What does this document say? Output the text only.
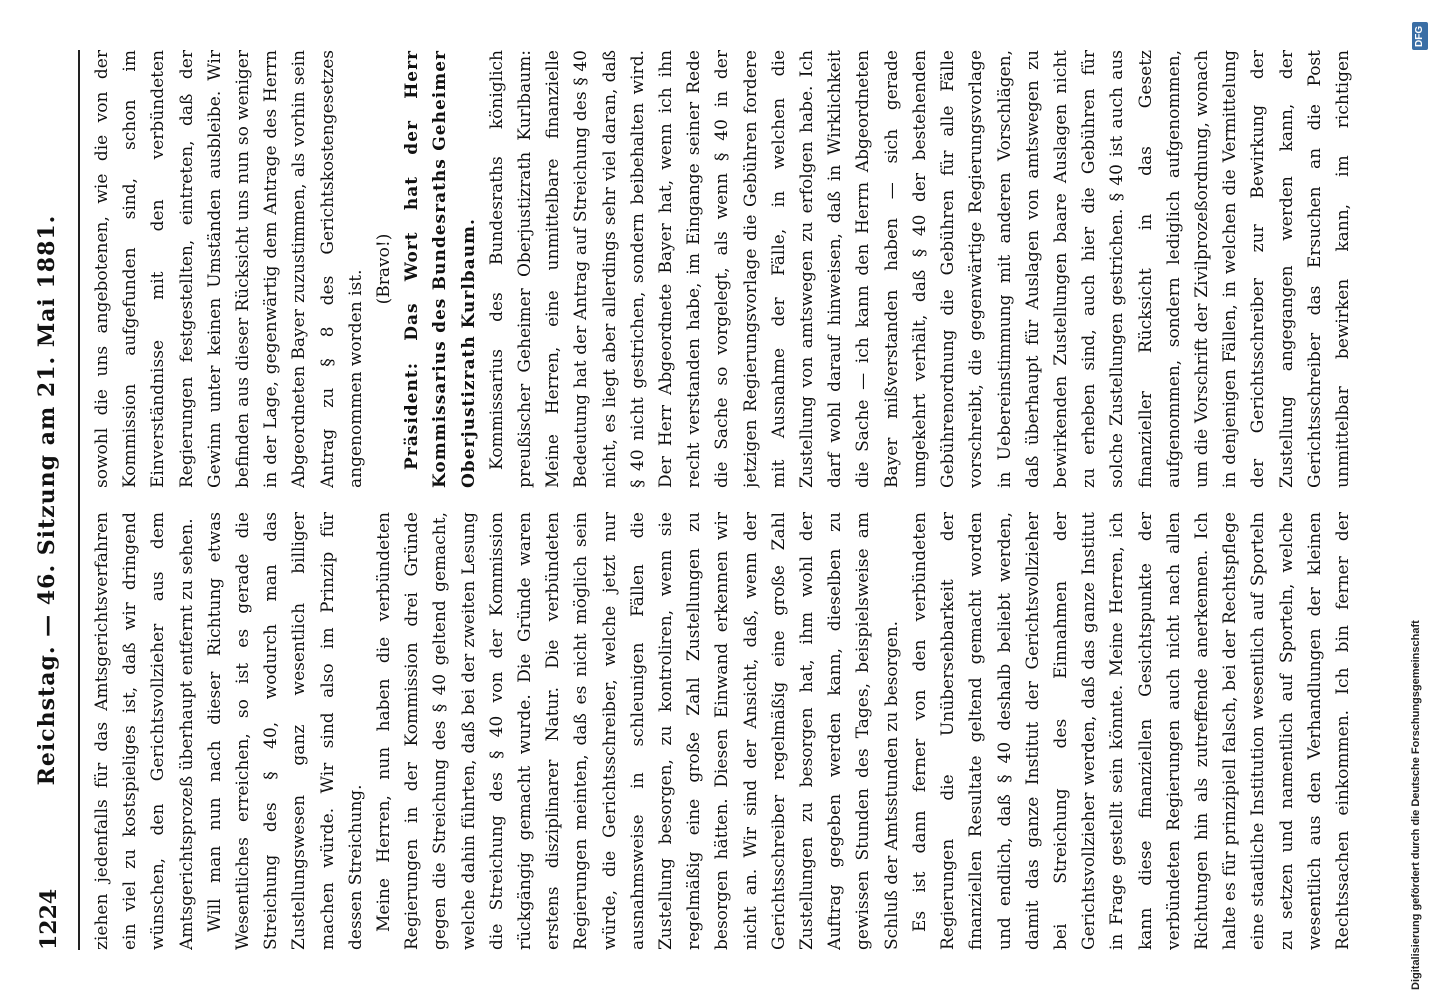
1224
Reichstag. — 46. Sitzung am 21. Mai 1881. ziehen jedenfalls für das Amtsgerichtsverfahren ein viel zu kostspieliges ist, daß wir dringend wünschen, den Gerichtsvollzieher aus dem Amtsgerichtsprozeß überhaupt entfernt zu sehen. Will man nun nach dieser Richtung etwas Wesentliches erreichen, so ist es gerade die Streichung des § 40, wodurch man das Zustellungswesen ganz wesentlich billiger machen würde. Wir sind also im Prinzip für dessen Streichung. Meine Herren, nun haben die verbündeten Regierungen in der Kommission drei Gründe gegen die Streichung des § 40 geltend gemacht, welche dahin führten, daß bei der zweiten Lesung die Streichung des § 40 von der Kommission rückgängig gemacht wurde. Die Gründe waren erstens disziplinarer Natur. Die verbündeten Regierungen meinten, daß es nicht möglich sein würde, die Gerichtsschreiber, welche jetzt nur ausnahmsweise in schleunigen Fällen die Zustellung besorgen, zu kontroliren, wenn sie regelmäßig eine große Zahl Zustellungen zu besorgen hätten. Diesen Einwand erkennen wir nicht an. Wir sind der Ansicht, daß, wenn der Gerichtsschreiber regelmäßig eine große Zahl Zustellungen zu besorgen hat, ihm wohl der Auftrag gegeben werden kann, dieselben zu gewissen Stunden des Tages, beispielsweise am Schluß der Amtsstunden zu besorgen. Es ist dann ferner von den verbündeten Regierungen die Unübersehbarkeit der finanziellen Resultate geltend gemacht worden und endlich, daß § 40 deshalb beliebt werden, damit das ganze Institut der Gerichtsvollzieher bei Streichung des Einnahmen der Gerichtsvollzieher werden, daß das ganze Institut in Frage gestellt sein könnte. Meine Herren, ich kann diese finanziellen Gesichtspunkte der verbündeten Regierungen auch nicht nach allen Richtungen hin als zutreffende anerkennen. Ich halte es für prinzipiell falsch, bei der Rechtspflege eine staatliche Institution wesentlich auf Sporteln zu setzen und namentlich auf Sporteln, welche wesentlich aus den Verhandlungen der kleinen Rechtssachen einkommen. Ich bin ferner der

sowohl die uns angebotenen, wie die von der Kommission aufgefunden sind, schon im Einverständnisse mit den verbündeten Regierungen festgestellten, eintreten, daß der Gewinn unter keinen Umständen ausbleibe. Wir befinden aus dieser Rücksicht uns nun so weniger in der Lage, gegenwärtig dem Antrage des Herrn Abgeordneten Bayer zuzustimmen, als vorhin sein Antrag zu § 8 des Gerichtskostengesetzes angenommen worden ist.

(Bravo!) Präsident: Das Wort hat der Herr Kommissarius des Bundesraths Geheimer Oberjustizrath Kurlbaum. Kommissarius des Bundesraths königlich preußischer Geheimer Oberjustizrath Kurlbaum: Meine Herren, eine unmittelbare finanzielle Bedeutung hat der Antrag auf Streichung des § 40 nicht, es liegt aber allerdings sehr viel daran, daß § 40 nicht gestrichen, sondern beibehalten wird. Der Herr Abgeordnete Bayer hat, wenn ich ihn recht verstanden habe, im Eingange seiner Rede die Sache so vorgelegt, als wenn § 40 in der jetzigen Regierungsvorlage die Gebühren fordere mit Ausnahme der Fälle, in welchen die Zustellung von amtswegen zu erfolgen habe. Ich darf wohl darauf hinweisen, daß in Wirklichkeit die Sache — ich kann den Herrn Abgeordneten Bayer mißverstanden haben — sich gerade umgekehrt verhält, daß § 40 der bestehenden Gebührenordnung die Gebühren für alle Fälle vorschreibt, die gegenwärtige Regierungsvorlage in Uebereinstimmung mit anderen Vorschlägen, daß überhaupt für Auslagen von amtswegen zu bewirkenden Zustellungen baare Auslagen nicht zu erheben sind, auch hier die Gebühren für solche Zustellungen gestrichen. § 40 ist auch aus finanzieller Rücksicht in das Gesetz aufgenommen, sondern lediglich aufgenommen, um die Vorschrift der Zivilprozeßordnung, wonach in denjenigen Fällen, in welchen die Vermittelung der Gerichtsschreiber zur Bewirkung der Zustellung angegangen werden kann, der Gerichtsschreiber das Ersuchen an die Post unmittelbar bewirken kann, im richtigen

Digitalisierung gefördert durch die Deutsche Forschungsgemeinschaft
DFG
